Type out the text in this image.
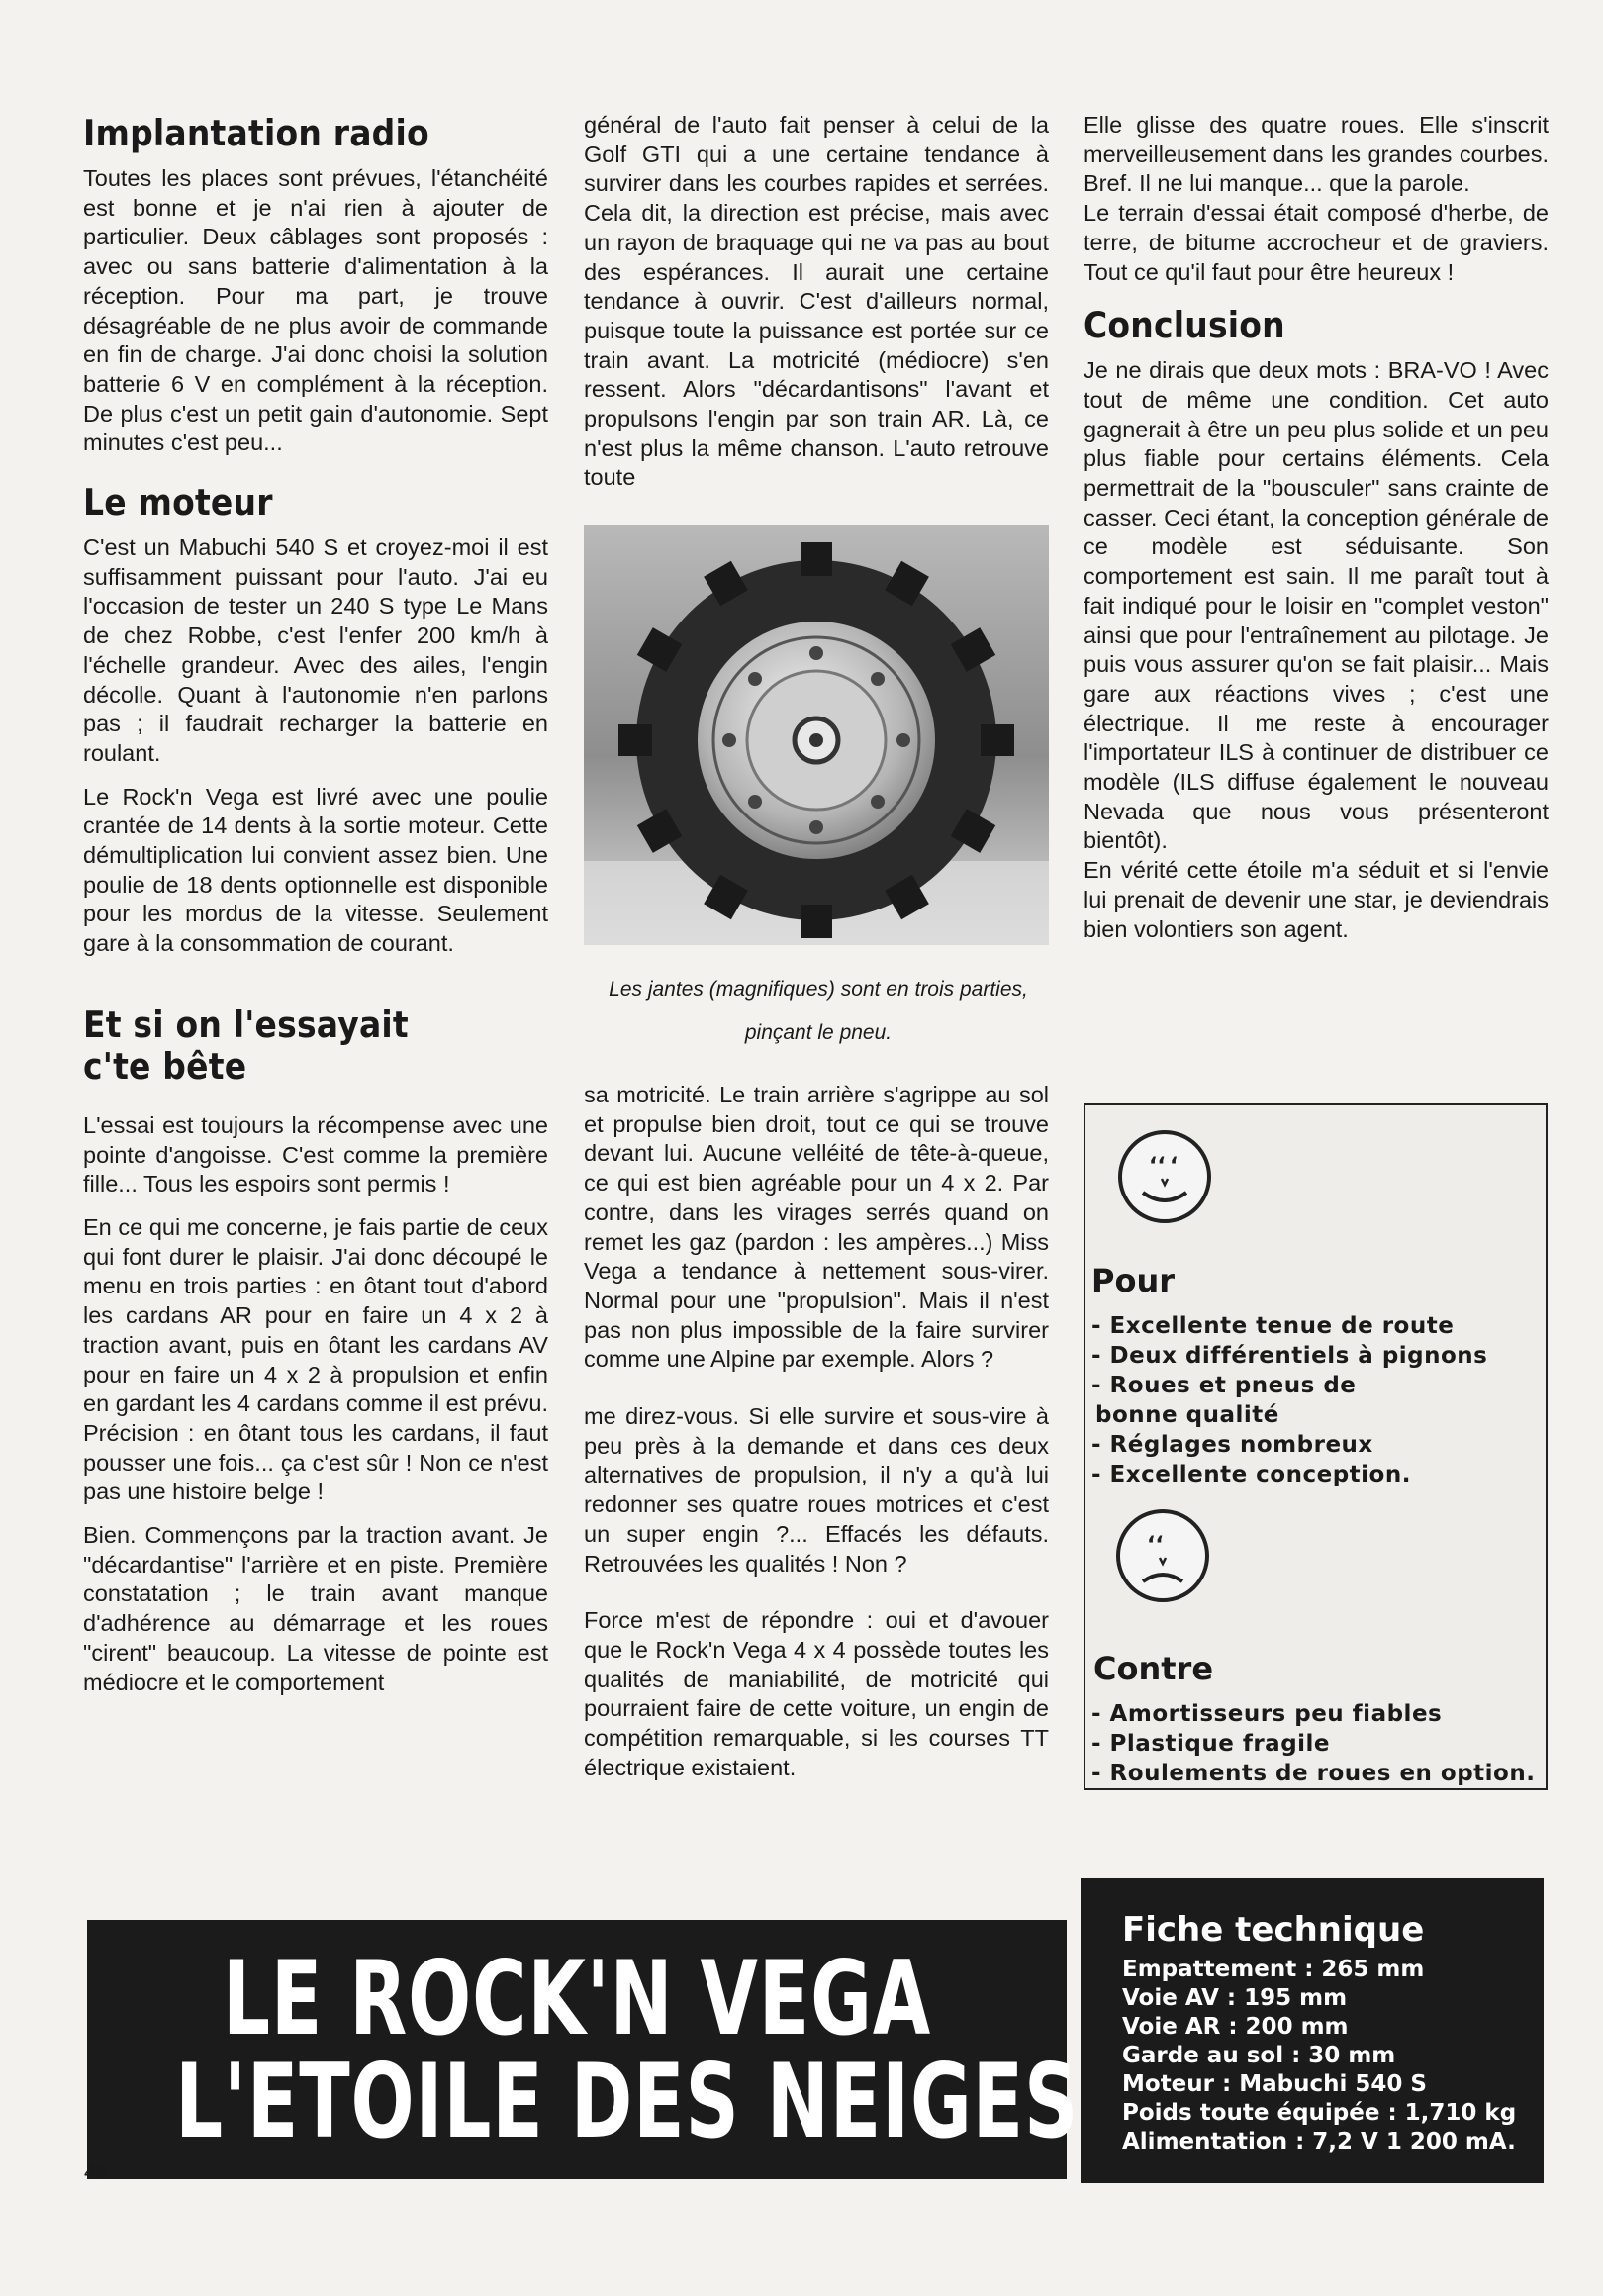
Implantation radio

Toutes les places sont prévues, l'étanchéité est bonne et je n'ai rien à ajouter de particulier. Deux câblages sont proposés : avec ou sans batterie d'alimentation à la réception. Pour ma part, je trouve désagréable de ne plus avoir de commande en fin de charge. J'ai donc choisi la solution batterie 6 V en complément à la réception. De plus c'est un petit gain d'autonomie. Sept minutes c'est peu...

Le moteur

C'est un Mabuchi 540 S et croyez-moi il est suffisamment puissant pour l'auto. J'ai eu l'occasion de tester un 240 S type Le Mans de chez Robbe, c'est l'enfer 200 km/h à l'échelle grandeur. Avec des ailes, l'engin décolle. Quant à l'autonomie n'en parlons pas ; il faudrait recharger la batterie en roulant.

Le Rock'n Vega est livré avec une poulie crantée de 14 dents à la sortie moteur. Cette démultiplication lui convient assez bien. Une poulie de 18 dents optionnelle est disponible pour les mordus de la vitesse. Seulement gare à la consommation de courant.

Et si on l'essayait
c'te bête

L'essai est toujours la récompense avec une pointe d'angoisse. C'est comme la première fille... Tous les espoirs sont permis !

En ce qui me concerne, je fais partie de ceux qui font durer le plaisir. J'ai donc découpé le menu en trois parties : en ôtant tout d'abord les cardans AR pour en faire un 4 x 2 à traction avant, puis en ôtant les cardans AV pour en faire un 4 x 2 à propulsion et enfin en gardant les 4 cardans comme il est prévu. Précision : en ôtant tous les cardans, il faut pousser une fois... ça c'est sûr ! Non ce n'est pas une histoire belge !

Bien. Commençons par la traction avant. Je "décardantise" l'arrière et en piste. Première constatation ; le train avant manque d'adhérence au démarrage et les roues "cirent" beaucoup. La vitesse de pointe est médiocre et le comportement

général de l'auto fait penser à celui de la Golf GTI qui a une certaine tendance à survirer dans les courbes rapides et serrées. Cela dit, la direction est précise, mais avec un rayon de braquage qui ne va pas au bout des espérances. Il aurait une certaine tendance à ouvrir. C'est d'ailleurs normal, puisque toute la puissance est portée sur ce train avant. La motricité (médiocre) s'en ressent. Alors "décardantisons" l'avant et propulsons l'engin par son train AR. Là, ce n'est plus la même chanson. L'auto retrouve toute

Les jantes (magnifiques) sont en trois parties,
pinçant le pneu.

sa motricité. Le train arrière s'agrippe au sol et propulse bien droit, tout ce qui se trouve devant lui. Aucune velléité de tête-à-queue, ce qui est bien agréable pour un 4 x 2. Par contre, dans les virages serrés quand on remet les gaz (pardon : les ampères...) Miss Vega a tendance à nettement sous-virer. Normal pour une "propulsion". Mais il n'est pas non plus impossible de la faire survirer comme une Alpine par exemple. Alors ?

me direz-vous. Si elle survire et sous-vire à peu près à la demande et dans ces deux alternatives de propulsion, il n'y a qu'à lui redonner ses quatre roues motrices et c'est un super engin ?... Effacés les défauts. Retrouvées les qualités ! Non ?

Force m'est de répondre : oui et d'avouer que le Rock'n Vega 4 x 4 possède toutes les qualités de maniabilité, de motricité qui pourraient faire de cette voiture, un engin de compétition remarquable, si les courses TT électrique existaient.

Elle glisse des quatre roues. Elle s'inscrit merveilleusement dans les grandes courbes. Bref. Il ne lui manque... que la parole.

Le terrain d'essai était composé d'herbe, de terre, de bitume accrocheur et de graviers. Tout ce qu'il faut pour être heureux !

Conclusion

Je ne dirais que deux mots : BRA-VO ! Avec tout de même une condition. Cet auto gagnerait à être un peu plus solide et un peu plus fiable pour certains éléments. Cela permettrait de la "bousculer" sans crainte de casser. Ceci étant, la conception générale de ce modèle est séduisante. Son comportement est sain. Il me paraît tout à fait indiqué pour le loisir en "complet veston" ainsi que pour l'entraînement au pilotage. Je puis vous assurer qu'on se fait plaisir... Mais gare aux réactions vives ; c'est une électrique. Il me reste à encourager l'importateur ILS à continuer de distribuer ce modèle (ILS diffuse également le nouveau Nevada que nous vous présenteront bientôt).

En vérité cette étoile m'a séduit et si l'envie lui prenait de devenir une star, je deviendrais bien volontiers son agent.

ʻʻ ʻ
Pour
- Excellente tenue de route
- Deux différentiels à pignons
- Roues et pneus de
bonne qualité
- Réglages nombreux
- Excellente conception.
ʻʻ
Contre
- Amortisseurs peu fiables
- Plastique fragile
- Roulements de roues en option.
LE ROCK'N VEGA
L'ETOILE DES NEIGES
Fiche technique
Empattement : 265 mm
Voie AV : 195 mm
Voie AR : 200 mm
Garde au sol : 30 mm
Moteur : Mabuchi 540 S
Poids toute équipée : 1,710 kg
Alimentation : 7,2 V 1 200 mA.
46
